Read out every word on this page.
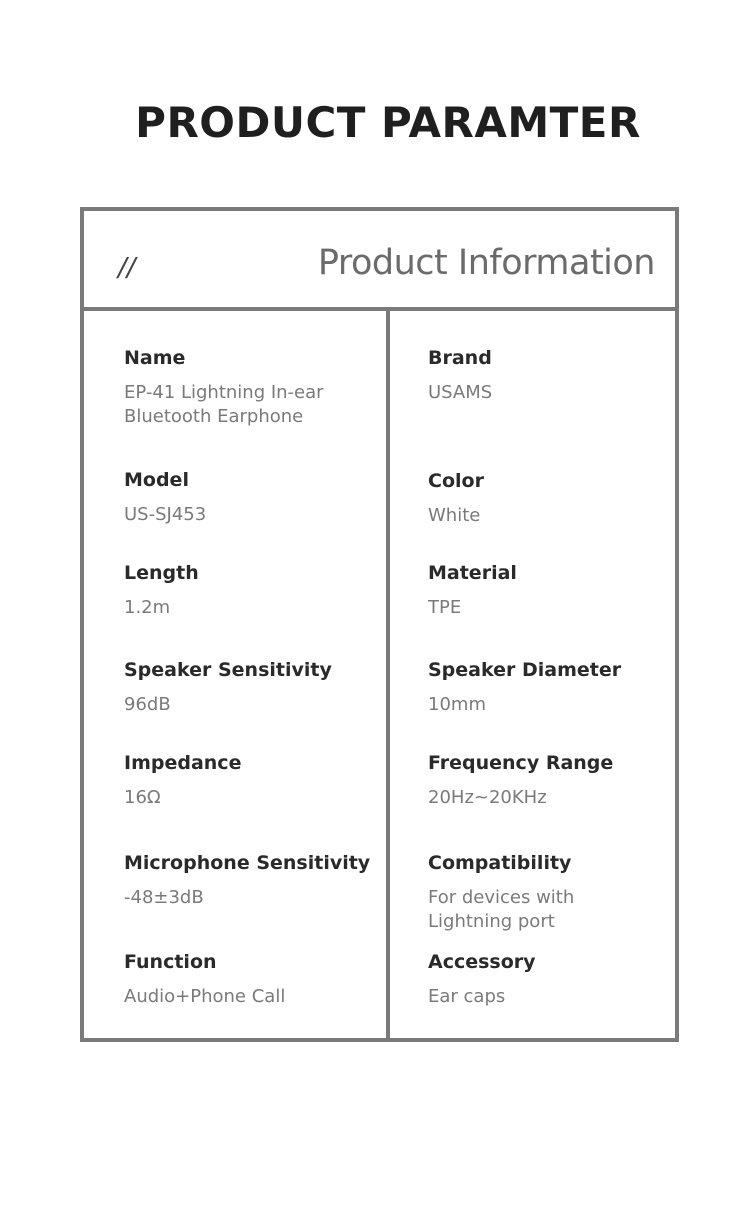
PRODUCT PARAMTER
//	Product Information
Name
EP-41 Lightning In-ear Bluetooth Earphone
Brand
USAMS
Model
US-SJ453
Color
White
Length
1.2m
Material
TPE
Speaker Sensitivity
96dB
Speaker Diameter
10mm
Impedance
16Ω
Frequency Range
20Hz~20KHz
Microphone Sensitivity
-48±3dB
Compatibility
For devices with Lightning port
Function
Audio+Phone Call
Accessory
Ear caps
